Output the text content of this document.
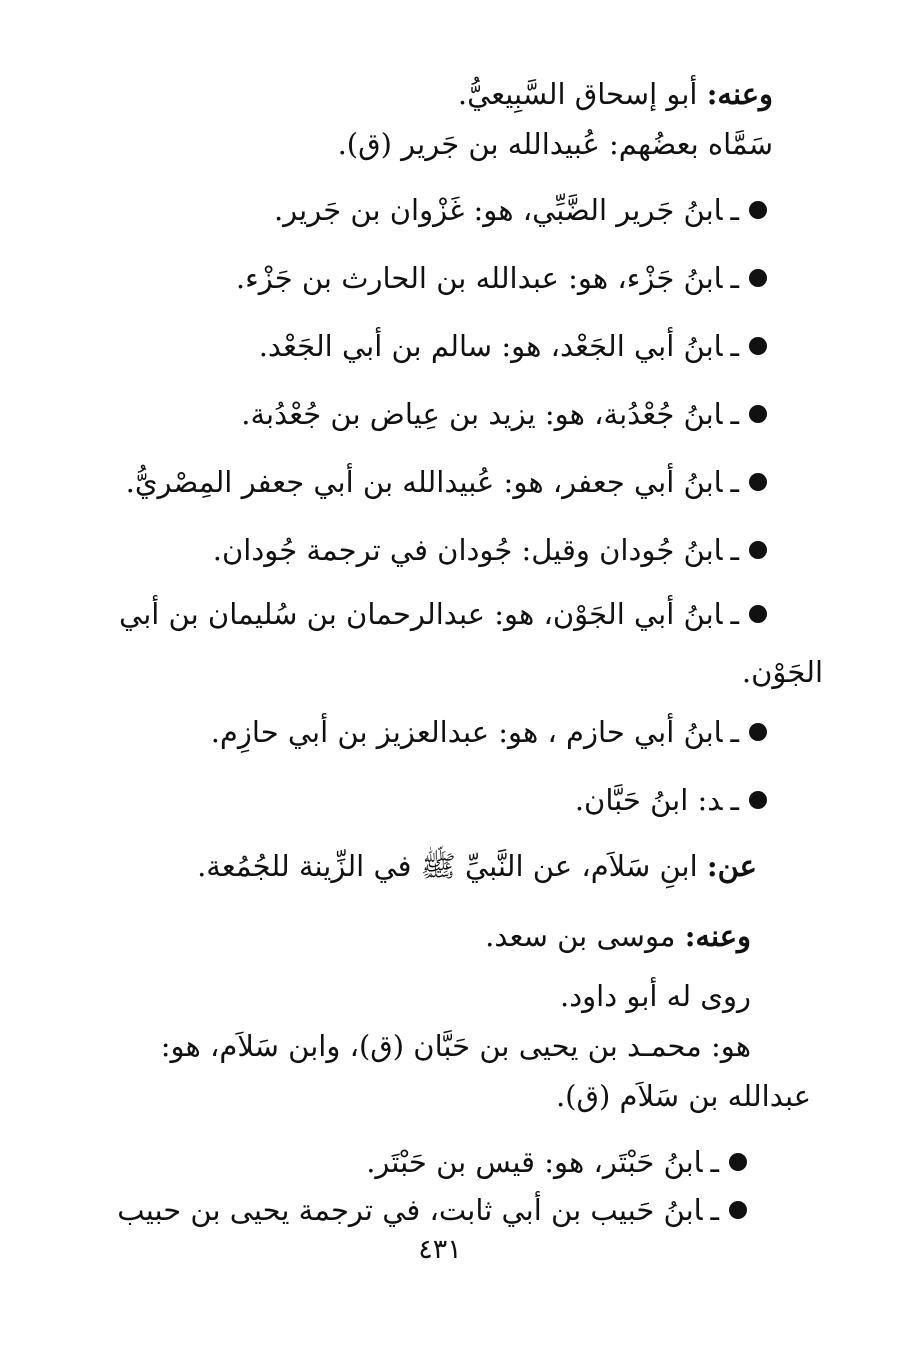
وعنه: أبو إسحاق السَّبِيعيُّ.
سَمَّاه بعضُهم: عُبيدالله بن جَرير (ق).
ـابنُ جَرير الضَّبِّي، هو: غَزْوان بن جَرير.
ـابنُ جَزْء، هو: عبدالله بن الحارث بن جَزْء.
ـابنُ أبي الجَعْد، هو: سالم بن أبي الجَعْد.
ـابنُ جُعْدُبة، هو: يزيد بن عِياض بن جُعْدُبة.
ـابنُ أبي جعفر، هو: عُبيدالله بن أبي جعفر المِصْريُّ.
ـابنُ جُودان وقيل: جُودان في ترجمة جُودان.
ـابنُ أبي الجَوْن، هو: عبدالرحمان بن سُليمان بن أبي
الجَوْن.
ـابنُ أبي حازم ، هو: عبدالعزيز بن أبي حازِم.
ـد: ابنُ حَبَّان.
عن: ابنِ سَلاَم، عن النَّبيِّ ﷺ في الزِّينة للجُمُعة.
وعنه: موسى بن سعد.
روى له أبو داود.
هو: محمـد بن يحيى بن حَبَّان (ق)، وابن سَلاَم، هو:
عبدالله بن سَلاَم (ق).
ـابنُ حَبْتَر، هو: قيس بن حَبْتَر.
ـابنُ حَبيب بن أبي ثابت، في ترجمة يحيى بن حبيب
٤٣١
